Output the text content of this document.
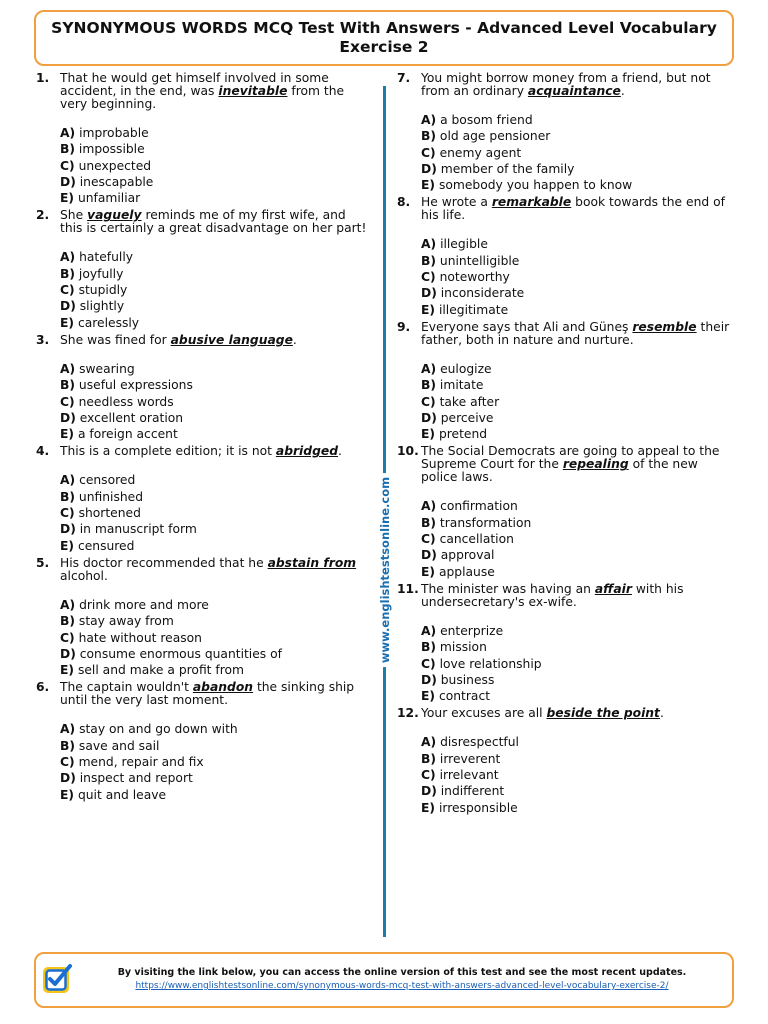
SYNONYMOUS WORDS MCQ Test With Answers - Advanced Level Vocabulary
Exercise 2
1. That he would get himself involved in some accident, in the end, was inevitable from the very beginning.
A) improbable
B) impossible
C) unexpected
D) inescapable
E) unfamiliar
2. She vaguely reminds me of my first wife, and this is certainly a great disadvantage on her part!
A) hatefully
B) joyfully
C) stupidly
D) slightly
E) carelessly
3. She was fined for abusive language.
A) swearing
B) useful expressions
C) needless words
D) excellent oration
E) a foreign accent
4. This is a complete edition; it is not abridged.
A) censored
B) unfinished
C) shortened
D) in manuscript form
E) censured
5. His doctor recommended that he abstain from alcohol.
A) drink more and more
B) stay away from
C) hate without reason
D) consume enormous quantities of
E) sell and make a profit from
6. The captain wouldn't abandon the sinking ship until the very last moment.
A) stay on and go down with
B) save and sail
C) mend, repair and fix
D) inspect and report
E) quit and leave
www.englishtestsonline.com
7. You might borrow money from a friend, but not from an ordinary acquaintance.
A) a bosom friend
B) old age pensioner
C) enemy agent
D) member of the family
E) somebody you happen to know
8. He wrote a remarkable book towards the end of his life.
A) illegible
B) unintelligible
C) noteworthy
D) inconsiderate
E) illegitimate
9. Everyone says that Ali and Güneş resemble their father, both in nature and nurture.
A) eulogize
B) imitate
C) take after
D) perceive
E) pretend
10. The Social Democrats are going to appeal to the Supreme Court for the repealing of the new police laws.
A) confirmation
B) transformation
C) cancellation
D) approval
E) applause
11. The minister was having an affair with his undersecretary's ex-wife.
A) enterprize
B) mission
C) love relationship
D) business
E) contract
12. Your excuses are all beside the point.
A) disrespectful
B) irreverent
C) irrelevant
D) indifferent
E) irresponsible
By visiting the link below, you can access the online version of this test and see the most recent updates.
https://www.englishtestsonline.com/synonymous-words-mcq-test-with-answers-advanced-level-vocabulary-exercise-2/
